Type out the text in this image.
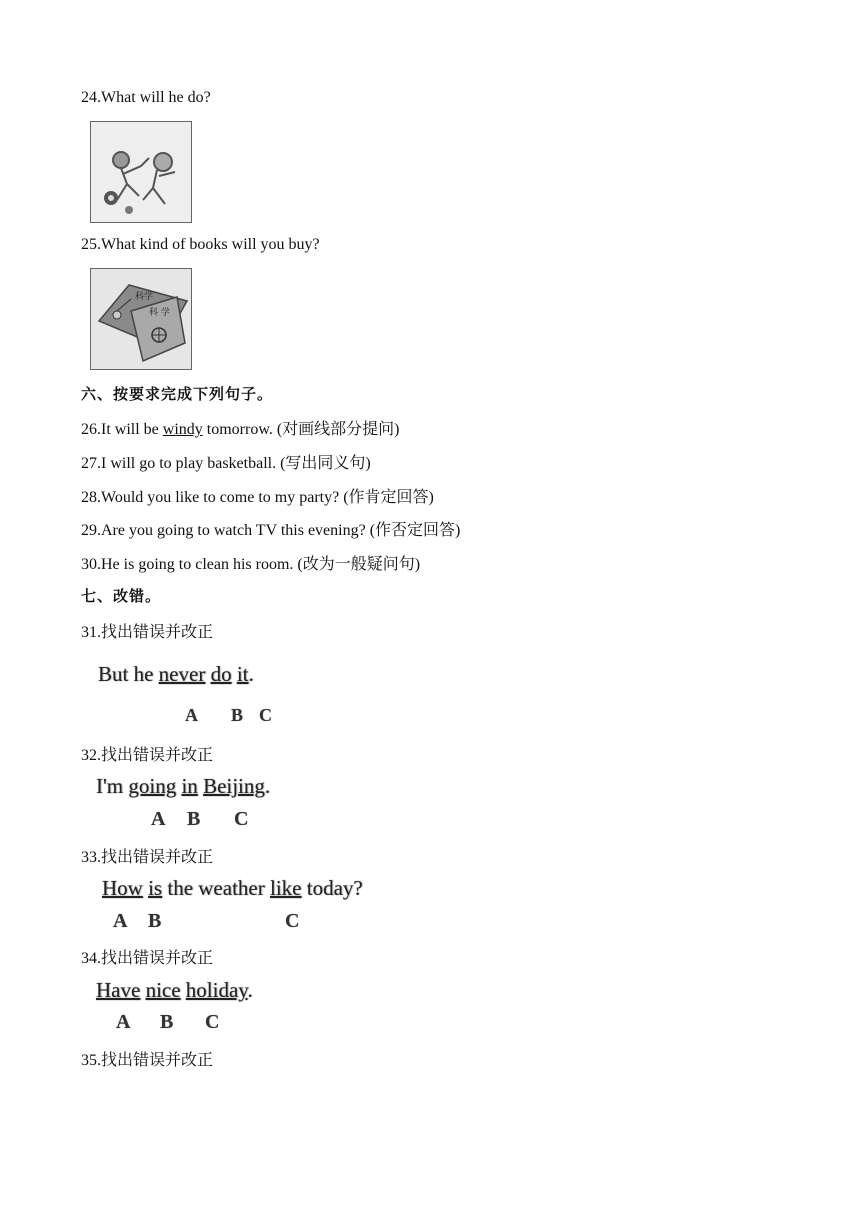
24.What will he do?
25.What kind of books will you buy?
科学
科 学
六、按要求完成下列句子。
26.It will be windy tomorrow. (对画线部分提问)
27.I will go to play basketball. (写出同义句)
28.Would you like to come to my party? (作肯定回答)
29.Are you going to watch TV this evening? (作否定回答)
30.He is going to clean his room. (改为一般疑问句)
七、改错。
31.找出错误并改正
But he never do it.
A B C
32.找出错误并改正
I'm going in Beijing.
A B C
33.找出错误并改正
How is the weather like today?
A B	C
34.找出错误并改正
Have nice holiday.
A B C
35.找出错误并改正
